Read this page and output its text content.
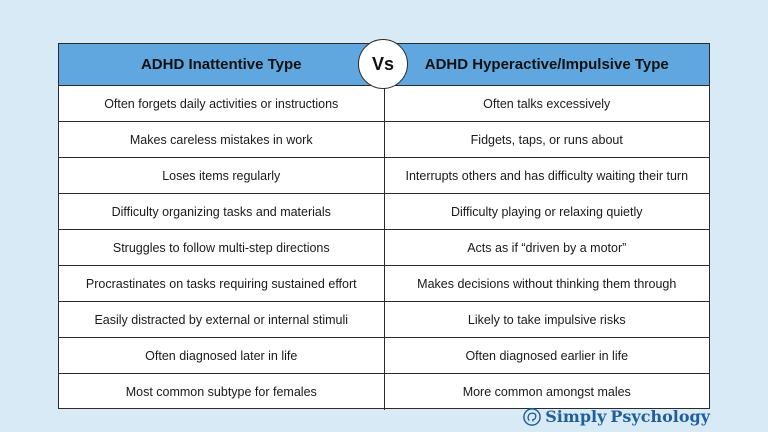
ADHD Inattentive Type	ADHD Hyperactive/Impulsive Type
Often forgets daily activities or instructions	Often talks excessively
Makes careless mistakes in work	Fidgets, taps, or runs about
Loses items regularly	Interrupts others and has difficulty waiting their turn
Difficulty organizing tasks and materials	Difficulty playing or relaxing quietly
Struggles to follow multi-step directions	Acts as if “driven by a motor”
Procrastinates on tasks requiring sustained effort	Makes decisions without thinking them through
Easily distracted by external or internal stimuli	Likely to take impulsive risks
Often diagnosed later in life	Often diagnosed earlier in life
Most common subtype for females	More common amongst males
Vs
Simply Psychology
